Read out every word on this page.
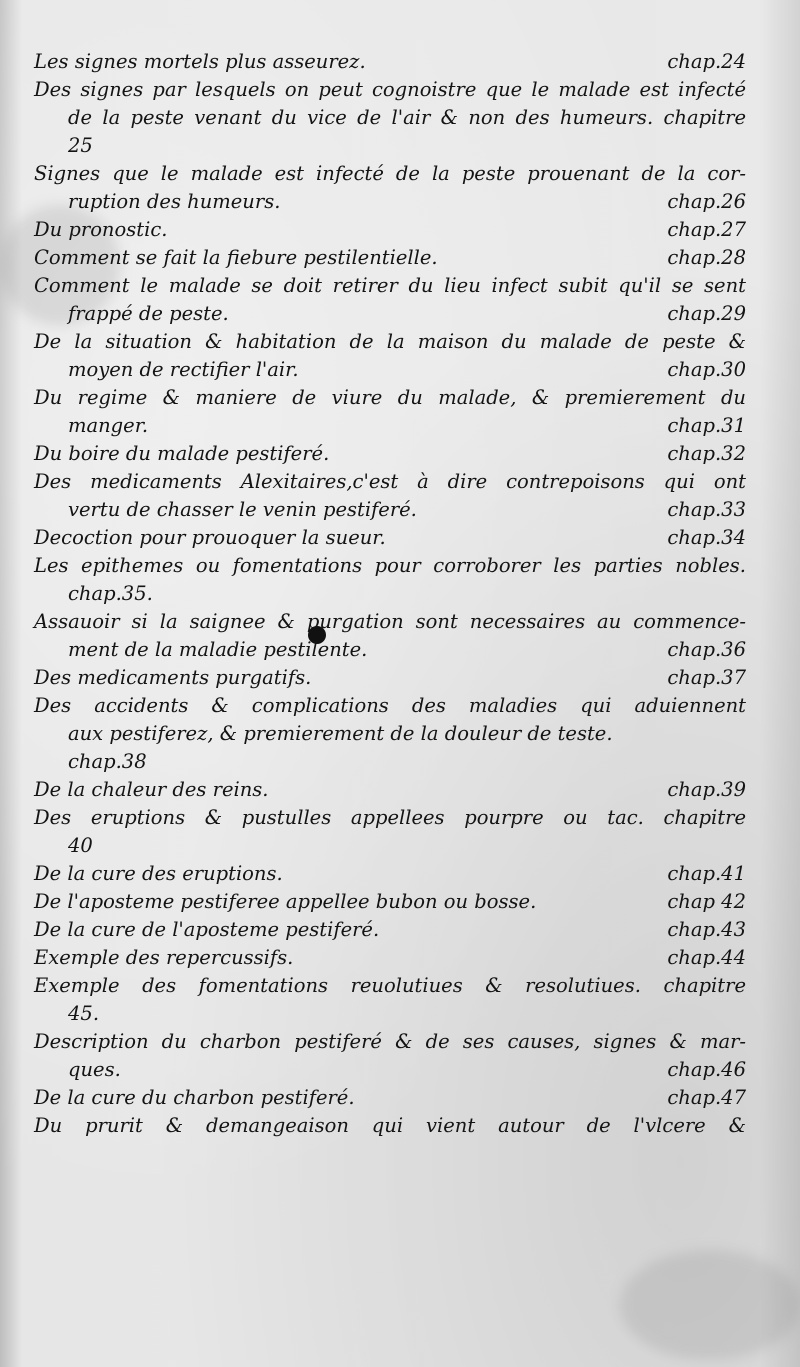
Les signes mortels plus asseurez.	chap.24
Des signes par lesquels on peut cognoistre que le malade est infecté
de la peste venant du vice de l'air & non des humeurs. chapitre
25
Signes que le malade est infecté de la peste prouenant de la cor-
ruption des humeurs.	chap.26
Du pronostic.	chap.27
Comment se fait la fiebure pestilentielle.	chap.28
Comment le malade se doit retirer du lieu infect subit qu'il se sent
frappé de peste.	chap.29
De la situation & habitation de la maison du malade de peste &
moyen de rectifier l'air.	chap.30
Du regime & maniere de viure du malade, & premierement du
manger.	chap.31
Du boire du malade pestiferé.	chap.32
Des medicaments Alexitaires,c'est à dire contrepoisons qui ont
vertu de chasser le venin pestiferé.	chap.33
Decoction pour prouoquer la sueur.	chap.34
Les epithemes ou fomentations pour corroborer les parties nobles.
chap.35.
Assauoir si la saignee & purgation sont necessaires au commence-
ment de la maladie pestilente.	chap.36
Des medicaments purgatifs.	chap.37
Des accidents & complications des maladies qui aduiennent
aux pestiferez, & premierement de la douleur de teste.
chap.38
De la chaleur des reins.	chap.39
Des eruptions & pustulles appellees pourpre ou tac. chapitre
40
De la cure des eruptions.	chap.41
De l'aposteme pestiferee appellee bubon ou bosse.	chap 42
De la cure de l'aposteme pestiferé.	chap.43
Exemple des repercussifs.	chap.44
Exemple des fomentations reuolutiues & resolutiues. chapitre
45.
Description du charbon pestiferé & de ses causes, signes & mar-
ques.	chap.46
De la cure du charbon pestiferé.	chap.47
Du prurit & demangeaison qui vient autour de l'vlcere &
